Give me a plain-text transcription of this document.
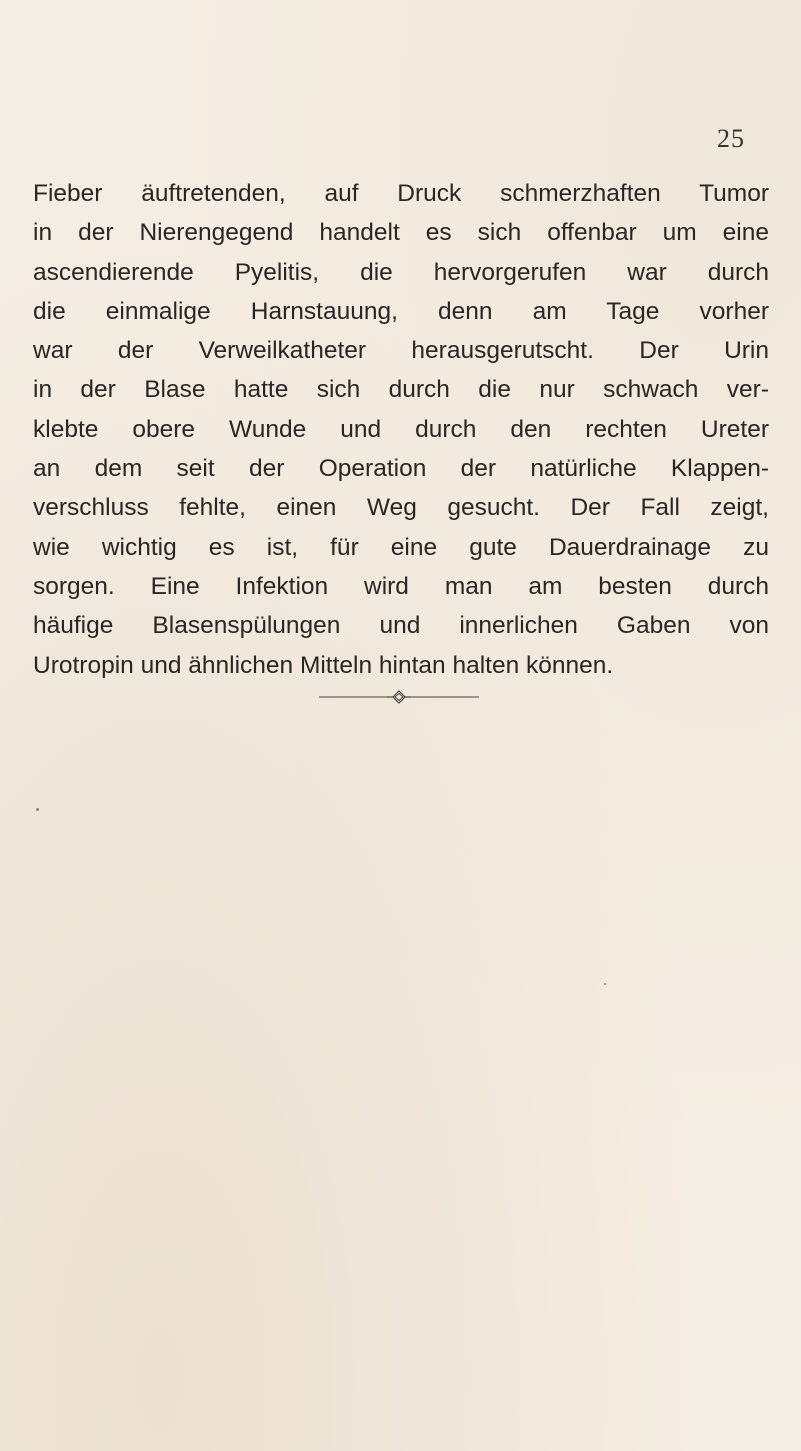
25
Fieber äuftretenden, auf Druck schmerzhaften Tumor
in der Nierengegend handelt es sich offenbar um eine
ascendierende Pyelitis, die hervorgerufen war durch
die einmalige Harnstauung, denn am Tage vorher
war der Verweilkatheter herausgerutscht. Der Urin
in der Blase hatte sich durch die nur schwach ver-
klebte obere Wunde und durch den rechten Ureter
an dem seit der Operation der natürliche Klappen-
verschluss fehlte, einen Weg gesucht. Der Fall zeigt,
wie wichtig es ist, für eine gute Dauerdrainage zu
sorgen. Eine Infektion wird man am besten durch
häufige Blasenspülungen und innerlichen Gaben von
Urotropin und ähnlichen Mitteln hintan halten können.
